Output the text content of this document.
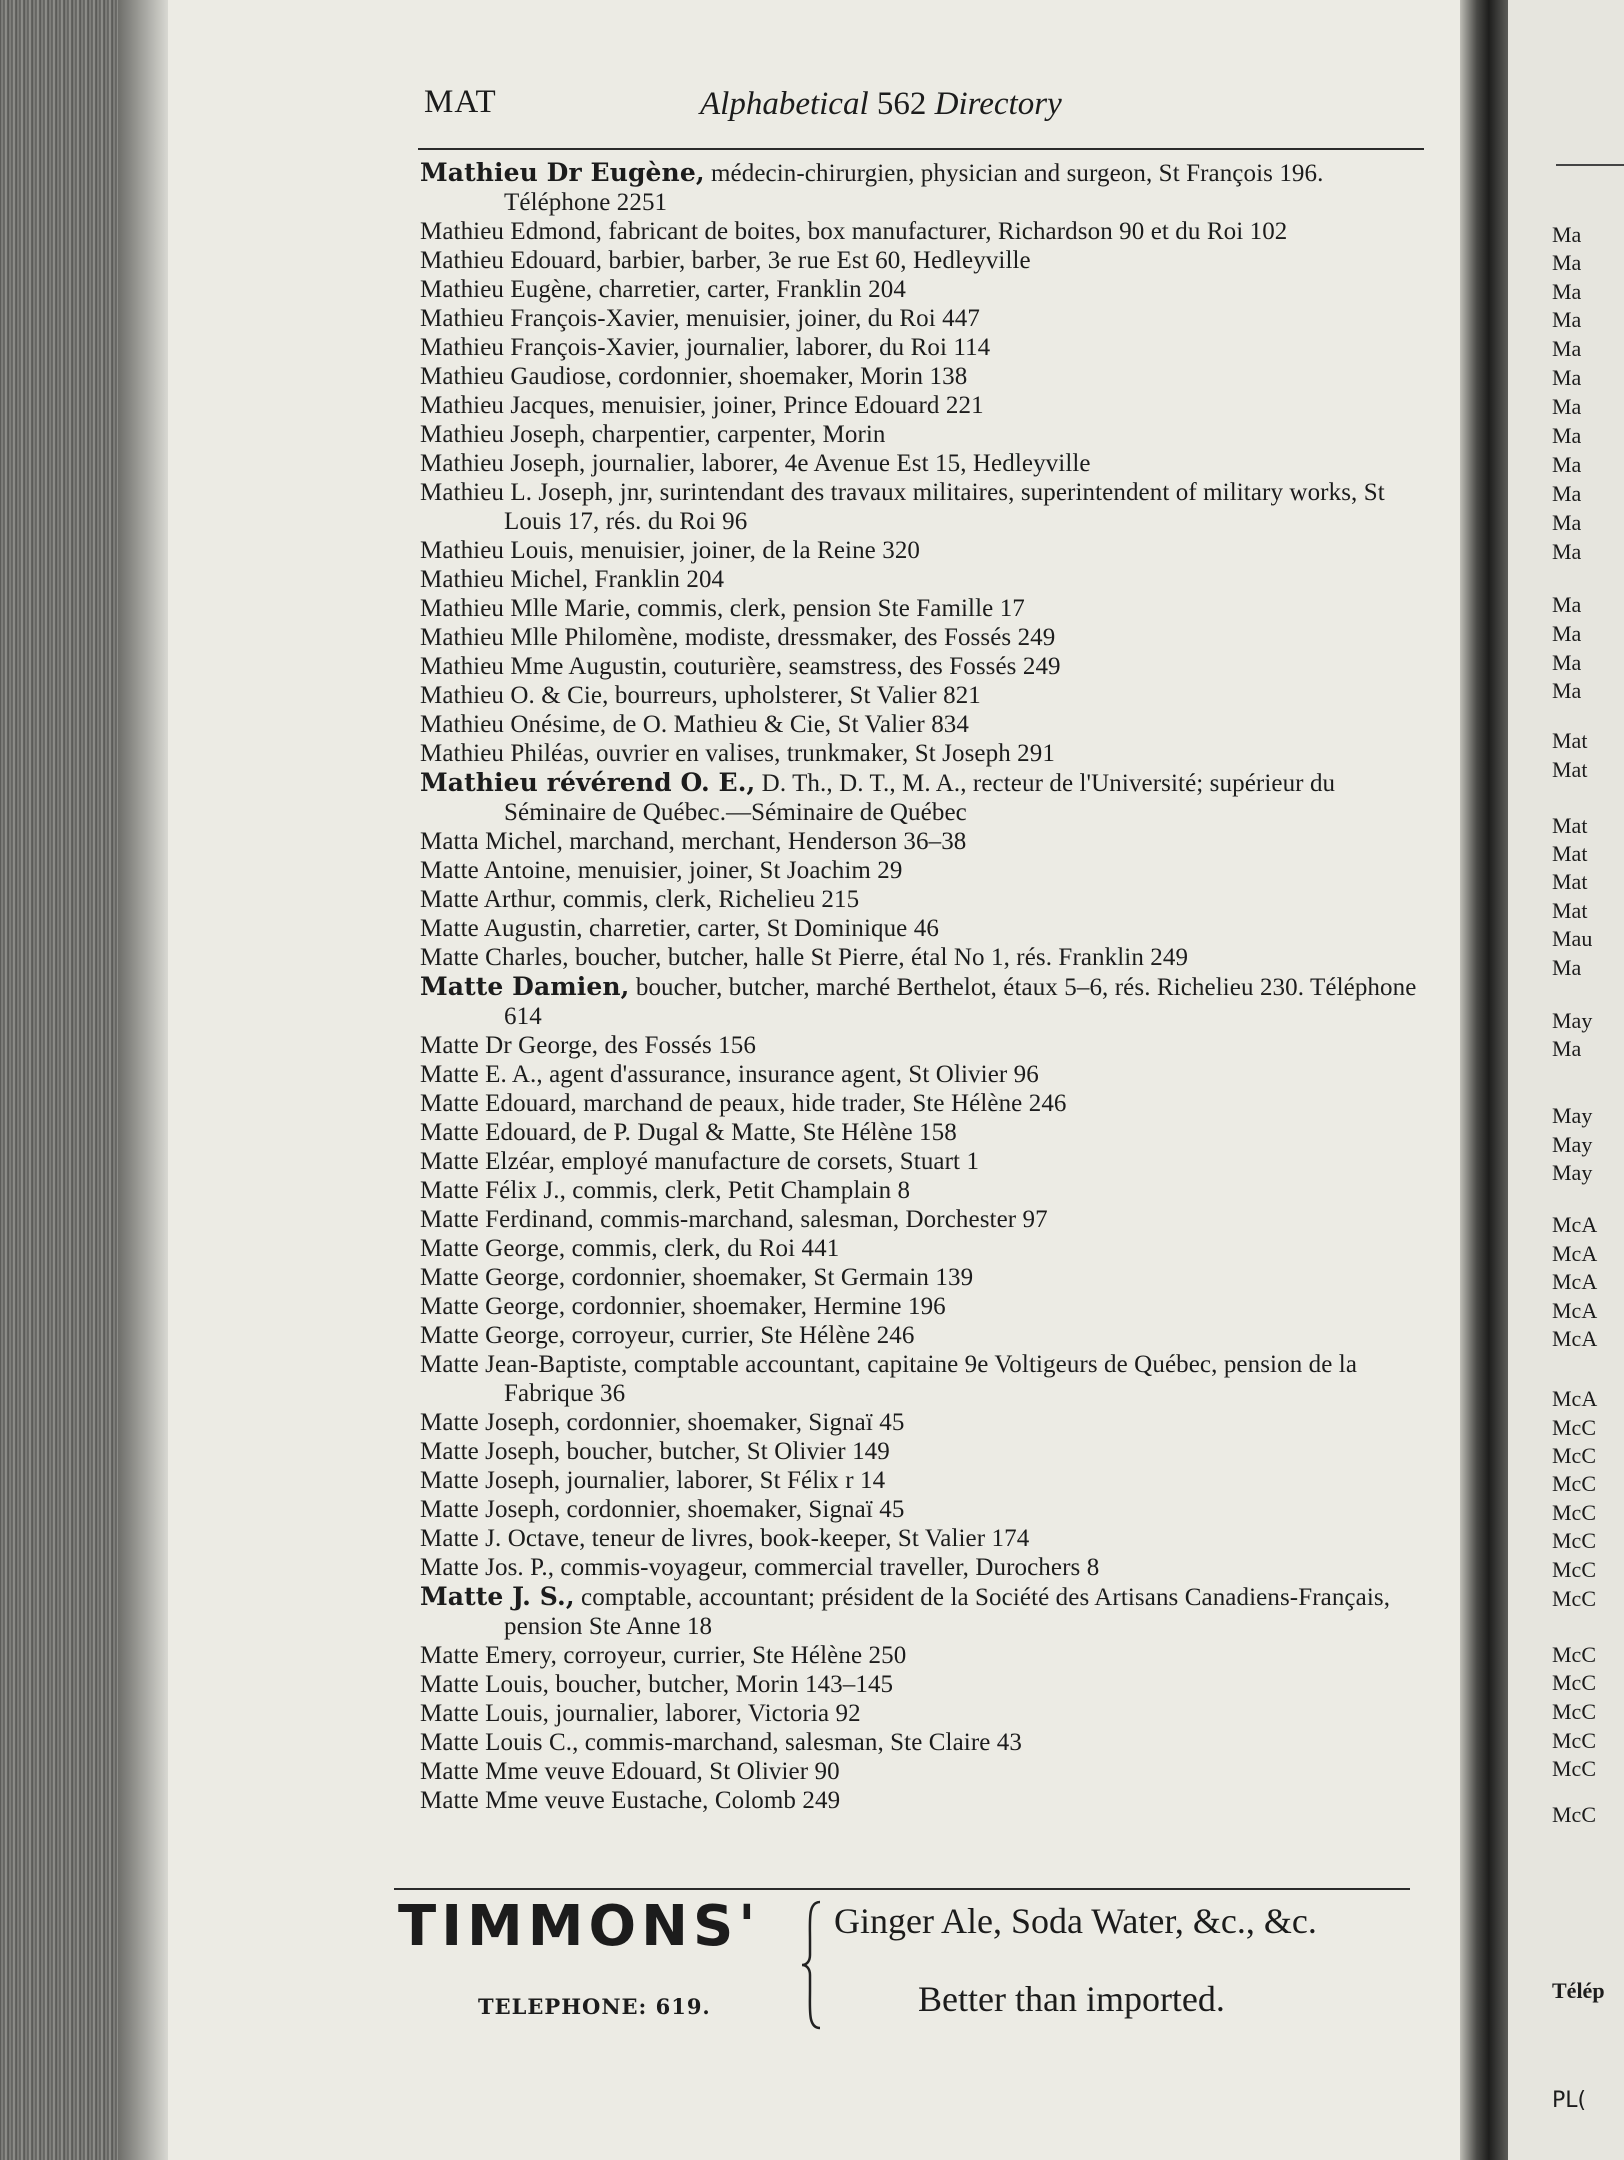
Ma
Ma
Ma
Ma
Ma
Ma
Ma
Ma
Ma
Ma
Ma
Ma
Ma
Ma
Ma
Ma
Mat
Mat
Mat
Mat
Mat
Mat
Mau
Ma
May
Ma
May
May
May
McA
McA
McA
McA
McA
McA
McC
McC
McC
McC
McC
McC
McC
McC
McC
McC
McC
McC
McC
Télép
PL(
MAT	Alphabetical 562 Directory
Mathieu Dr Eugène, médecin-chirurgien, physician and surgeon, St François 196. Téléphone 2251
Mathieu Edmond, fabricant de boites, box manufacturer, Richardson 90 et du Roi 102
Mathieu Edouard, barbier, barber, 3e rue Est 60, Hedleyville
Mathieu Eugène, charretier, carter, Franklin 204
Mathieu François-Xavier, menuisier, joiner, du Roi 447
Mathieu François-Xavier, journalier, laborer, du Roi 114
Mathieu Gaudiose, cordonnier, shoemaker, Morin 138
Mathieu Jacques, menuisier, joiner, Prince Edouard 221
Mathieu Joseph, charpentier, carpenter, Morin
Mathieu Joseph, journalier, laborer, 4e Avenue Est 15, Hedleyville
Mathieu L. Joseph, jnr, surintendant des travaux militaires, superintendent of military works, St Louis 17, rés. du Roi 96
Mathieu Louis, menuisier, joiner, de la Reine 320
Mathieu Michel, Franklin 204
Mathieu Mlle Marie, commis, clerk, pension Ste Famille 17
Mathieu Mlle Philomène, modiste, dressmaker, des Fossés 249
Mathieu Mme Augustin, couturière, seamstress, des Fossés 249
Mathieu O. & Cie, bourreurs, upholsterer, St Valier 821
Mathieu Onésime, de O. Mathieu & Cie, St Valier 834
Mathieu Philéas, ouvrier en valises, trunkmaker, St Joseph 291
Mathieu révérend O. E., D. Th., D. T., M. A., recteur de l'Université; supérieur du Séminaire de Québec.—Séminaire de Québec
Matta Michel, marchand, merchant, Henderson 36–38
Matte Antoine, menuisier, joiner, St Joachim 29
Matte Arthur, commis, clerk, Richelieu 215
Matte Augustin, charretier, carter, St Dominique 46
Matte Charles, boucher, butcher, halle St Pierre, étal No 1, rés. Franklin 249
Matte Damien, boucher, butcher, marché Berthelot, étaux 5–6, rés. Richelieu 230. Téléphone 614
Matte Dr George, des Fossés 156
Matte E. A., agent d'assurance, insurance agent, St Olivier 96
Matte Edouard, marchand de peaux, hide trader, Ste Hélène 246
Matte Edouard, de P. Dugal & Matte, Ste Hélène 158
Matte Elzéar, employé manufacture de corsets, Stuart 1
Matte Félix J., commis, clerk, Petit Champlain 8
Matte Ferdinand, commis-marchand, salesman, Dorchester 97
Matte George, commis, clerk, du Roi 441
Matte George, cordonnier, shoemaker, St Germain 139
Matte George, cordonnier, shoemaker, Hermine 196
Matte George, corroyeur, currier, Ste Hélène 246
Matte Jean-Baptiste, comptable accountant, capitaine 9e Voltigeurs de Québec, pension de la Fabrique 36
Matte Joseph, cordonnier, shoemaker, Signaï 45
Matte Joseph, boucher, butcher, St Olivier 149
Matte Joseph, journalier, laborer, St Félix r 14
Matte Joseph, cordonnier, shoemaker, Signaï 45
Matte J. Octave, teneur de livres, book-keeper, St Valier 174
Matte Jos. P., commis-voyageur, commercial traveller, Durochers 8
Matte J. S., comptable, accountant; président de la Société des Artisans Canadiens-Français, pension Ste Anne 18
Matte Emery, corroyeur, currier, Ste Hélène 250
Matte Louis, boucher, butcher, Morin 143–145
Matte Louis, journalier, laborer, Victoria 92
Matte Louis C., commis-marchand, salesman, Ste Claire 43
Matte Mme veuve Edouard, St Olivier 90
Matte Mme veuve Eustache, Colomb 249
TIMMONS'
TELEPHONE: 619.
Ginger Ale, Soda Water, &c., &c.
Better than imported.
